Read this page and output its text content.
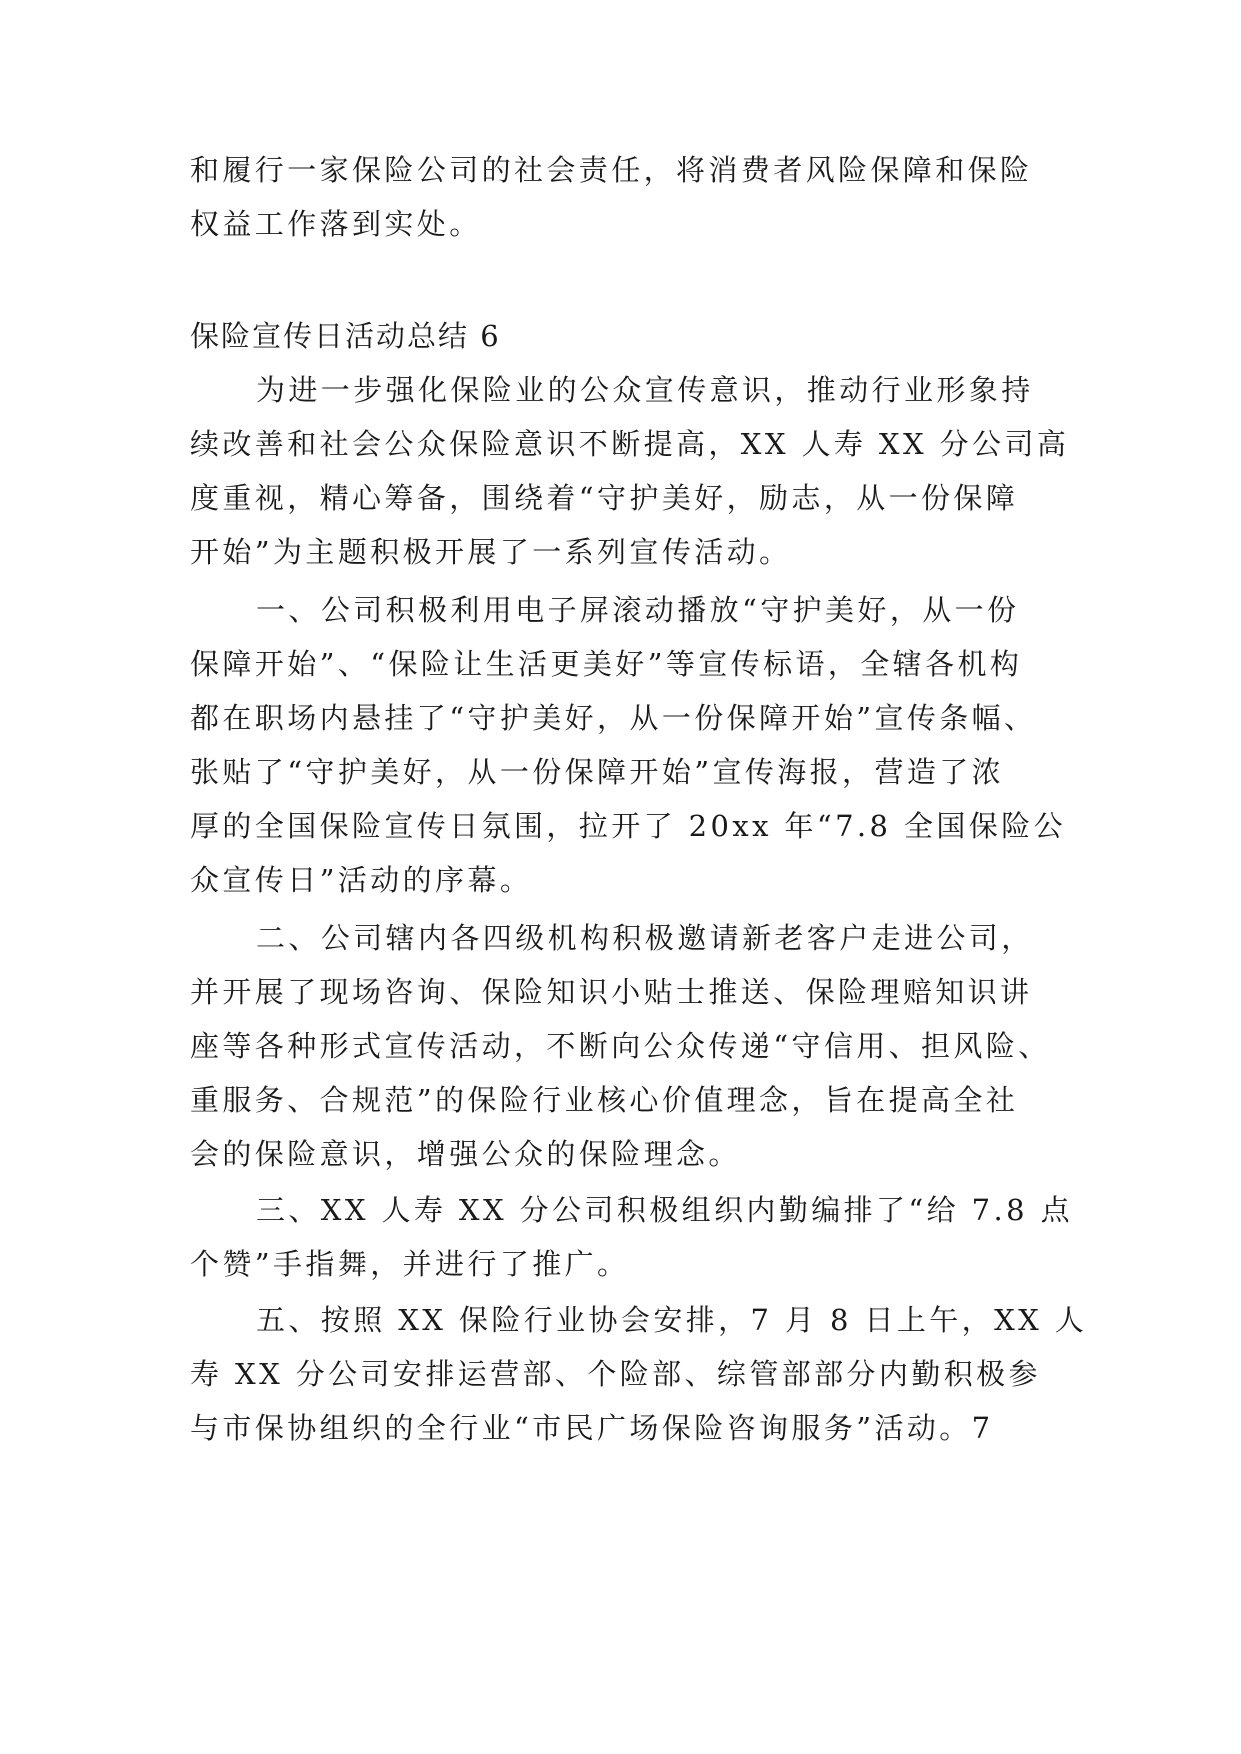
和履行一家保险公司的社会责任，将消费者风险保障和保险
权益工作落到实处。
保险宣传日活动总结 6
为进一步强化保险业的公众宣传意识，推动行业形象持
续改善和社会公众保险意识不断提高，XX 人寿 XX 分公司高
度重视，精心筹备，围绕着“守护美好，励志，从一份保障
开始”为主题积极开展了一系列宣传活动。
一、公司积极利用电子屏滚动播放“守护美好，从一份
保障开始”、“保险让生活更美好”等宣传标语，全辖各机构
都在职场内悬挂了“守护美好，从一份保障开始”宣传条幅、
张贴了“守护美好，从一份保障开始”宣传海报，营造了浓
厚的全国保险宣传日氛围，拉开了 20xx 年“7.8 全国保险公
众宣传日”活动的序幕。
二、公司辖内各四级机构积极邀请新老客户走进公司，
并开展了现场咨询、保险知识小贴士推送、保险理赔知识讲
座等各种形式宣传活动，不断向公众传递“守信用、担风险、
重服务、合规范”的保险行业核心价值理念，旨在提高全社
会的保险意识，增强公众的保险理念。
三、XX 人寿 XX 分公司积极组织内勤编排了“给 7.8 点
个赞”手指舞，并进行了推广。
五、按照 XX 保险行业协会安排，7 月 8 日上午，XX 人
寿 XX 分公司安排运营部、个险部、综管部部分内勤积极参
与市保协组织的全行业“市民广场保险咨询服务”活动。7
